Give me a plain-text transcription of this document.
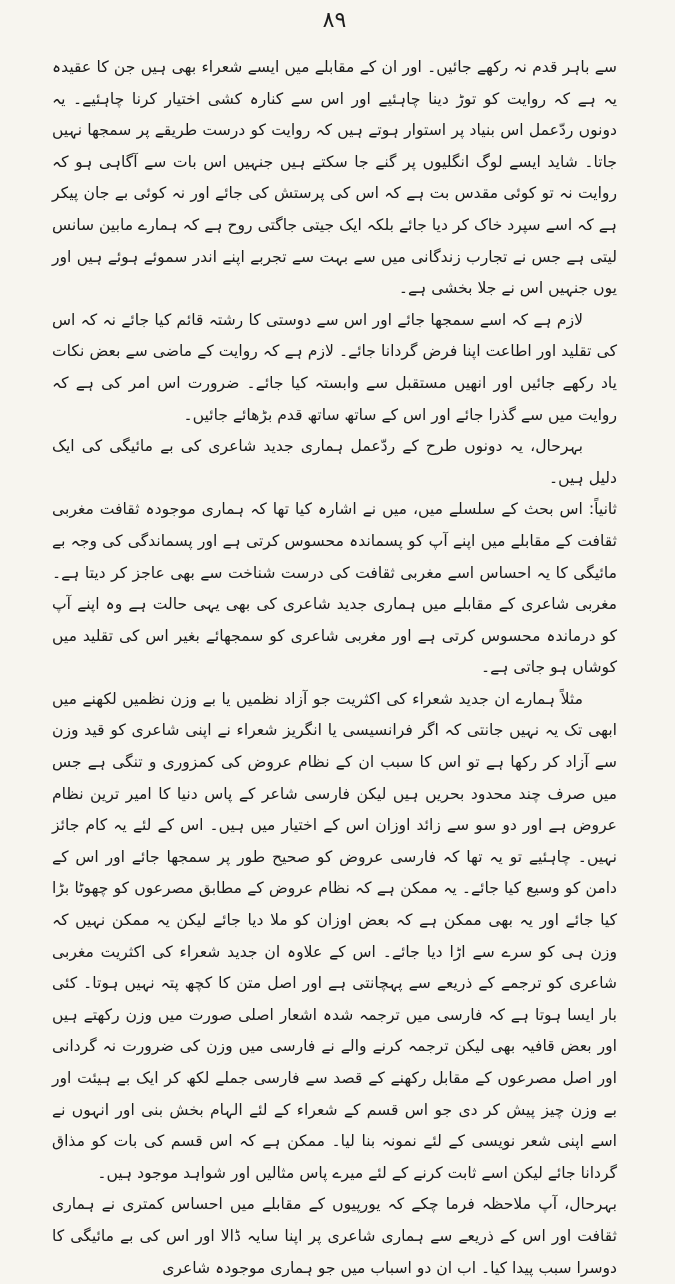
۸۹

سے باہر قدم نہ رکھے جائیں۔ اور ان کے مقابلے میں ایسے شعراء بھی ہیں جن کا عقیدہ یہ ہے کہ روایت کو توڑ دینا چاہئیے اور اس سے کنارہ کشی اختیار کرنا چاہئیے۔ یہ دونوں ردّعمل اس بنیاد پر استوار ہوتے ہیں کہ روایت کو درست طریقے پر سمجھا نہیں جاتا۔ شاید ایسے لوگ انگلیوں پر گنے جا سکتے ہیں جنہیں اس بات سے آگاہی ہو کہ روایت نہ تو کوئی مقدس بت ہے کہ اس کی پرستش کی جائے اور نہ کوئی بے جان پیکر ہے کہ اسے سپرد خاک کر دیا جائے بلکہ ایک جیتی جاگتی روح ہے کہ ہمارے مابین سانس لیتی ہے جس نے تجارب زندگانی میں سے بہت سے تجربے اپنے اندر سموئے ہوئے ہیں اور یوں جنہیں اس نے جلا بخشی ہے۔

لازم ہے کہ اسے سمجھا جائے اور اس سے دوستی کا رشتہ قائم کیا جائے نہ کہ اس کی تقلید اور اطاعت اپنا فرض گردانا جائے۔ لازم ہے کہ روایت کے ماضی سے بعض نکات یاد رکھے جائیں اور انھیں مستقبل سے وابستہ کیا جائے۔ ضرورت اس امر کی ہے کہ روایت میں سے گذرا جائے اور اس کے ساتھ ساتھ قدم بڑھائے جائیں۔

بہرحال، یہ دونوں طرح کے ردّعمل ہماری جدید شاعری کی بے مائیگی کی ایک دلیل ہیں۔

ثانیاً: اس بحث کے سلسلے میں، میں نے اشارہ کیا تھا کہ ہماری موجودہ ثقافت مغربی ثقافت کے مقابلے میں اپنے آپ کو پسماندہ محسوس کرتی ہے اور پسماندگی کی وجہ بے مائیگی کا یہ احساس اسے مغربی ثقافت کی درست شناخت سے بھی عاجز کر دیتا ہے۔ مغربی شاعری کے مقابلے میں ہماری جدید شاعری کی بھی یہی حالت ہے وہ اپنے آپ کو درماندہ محسوس کرتی ہے اور مغربی شاعری کو سمجھائے بغیر اس کی تقلید میں کوشاں ہو جاتی ہے۔

مثلاً ہمارے ان جدید شعراء کی اکثریت جو آزاد نظمیں یا بے وزن نظمیں لکھنے میں ابھی تک یہ نہیں جانتی کہ اگر فرانسیسی یا انگریز شعراء نے اپنی شاعری کو قید وزن سے آزاد کر رکھا ہے تو اس کا سبب ان کے نظام عروض کی کمزوری و تنگی ہے جس میں صرف چند محدود بحریں ہیں لیکن فارسی شاعر کے پاس دنیا کا امیر ترین نظام عروض ہے اور دو سو سے زائد اوزان اس کے اختیار میں ہیں۔ اس کے لئے یہ کام جائز نہیں۔ چاہئیے تو یہ تھا کہ فارسی عروض کو صحیح طور پر سمجھا جائے اور اس کے دامن کو وسیع کیا جائے۔ یہ ممکن ہے کہ نظام عروض کے مطابق مصرعوں کو چھوٹا بڑا کیا جائے اور یہ بھی ممکن ہے کہ بعض اوزان کو ملا دیا جائے لیکن یہ ممکن نہیں کہ وزن ہی کو سرے سے اڑا دیا جائے۔ اس کے علاوہ ان جدید شعراء کی اکثریت مغربی شاعری کو ترجمے کے ذریعے سے پہچانتی ہے اور اصل متن کا کچھ پتہ نہیں ہوتا۔ کئی بار ایسا ہوتا ہے کہ فارسی میں ترجمہ شدہ اشعار اصلی صورت میں وزن رکھتے ہیں اور بعض قافیہ بھی لیکن ترجمہ کرنے والے نے فارسی میں وزن کی ضرورت نہ گردانی اور اصل مصرعوں کے مقابل رکھنے کے قصد سے فارسی جملے لکھ کر ایک بے ہیئت اور بے وزن چیز پیش کر دی جو اس قسم کے شعراء کے لئے الہام بخش بنی اور انہوں نے اسے اپنی شعر نویسی کے لئے نمونہ بنا لیا۔ ممکن ہے کہ اس قسم کی بات کو مذاق گردانا جائے لیکن اسے ثابت کرنے کے لئے میرے پاس مثالیں اور شواہد موجود ہیں۔

بہرحال، آپ ملاحظہ فرما چکے کہ یورپیوں کے مقابلے میں احساس کمتری نے ہماری ثقافت اور اس کے ذریعے سے ہماری شاعری پر اپنا سایہ ڈالا اور اس کی بے مائیگی کا دوسرا سبب پیدا کیا۔ اب ان دو اسباب میں جو ہماری موجودہ شاعری
